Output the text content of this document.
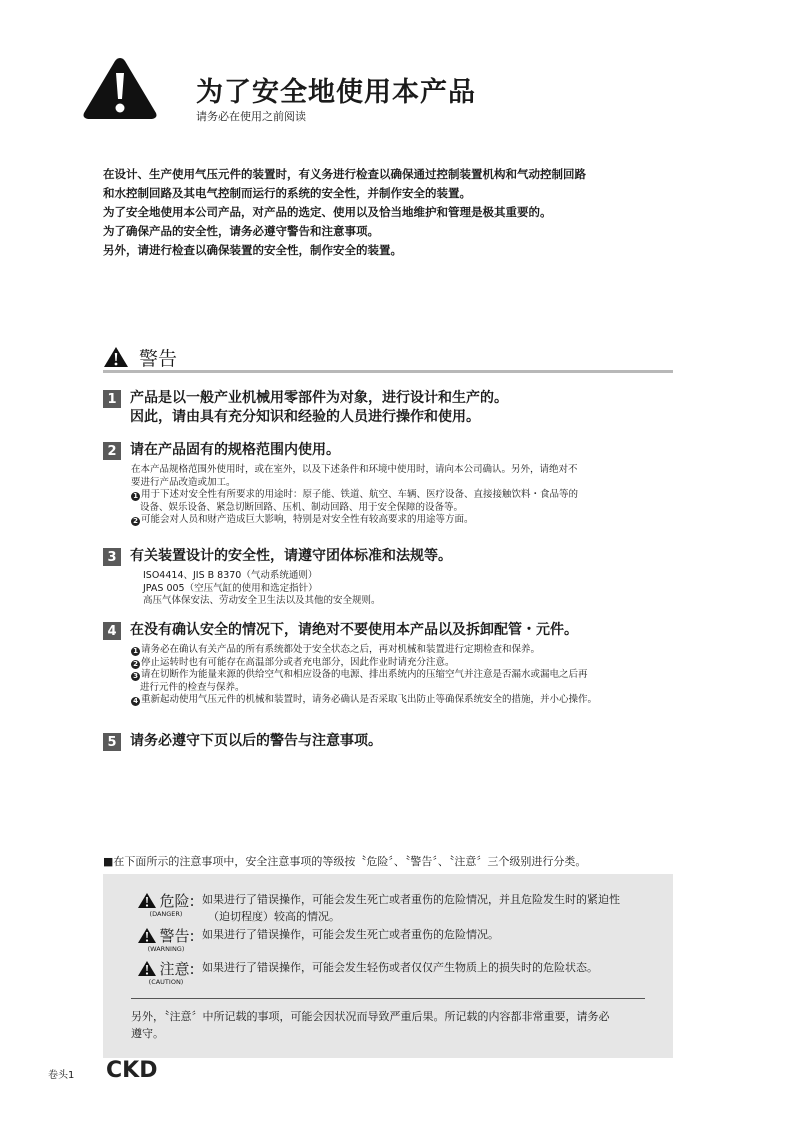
为了安全地使用本产品
请务必在使用之前阅读

在设计、生产使用气压元件的装置时，有义务进行检查以确保通过控制装置机构和气动控制回路

和水控制回路及其电气控制而运行的系统的安全性，并制作安全的装置。

为了安全地使用本公司产品，对产品的选定、使用以及恰当地维护和管理是极其重要的。

为了确保产品的安全性，请务必遵守警告和注意事项。

另外，请进行检查以确保装置的安全性，制作安全的装置。

警告
1 产品是以一般产业机械用零部件为对象，进行设计和生产的。
因此，请由具有充分知识和经验的人员进行操作和使用。
2 请在产品固有的规格范围内使用。
在本产品规格范围外使用时，或在室外，以及下述条件和环境中使用时，请向本公司确认。另外，请绝对不
要进行产品改造或加工。
1 用于下述对安全性有所要求的用途时：原子能、铁道、航空、车辆、医疗设备、直接接触饮料・食品等的
设备、娱乐设备、紧急切断回路、压机、制动回路、用于安全保障的设备等。
2 可能会对人员和财产造成巨大影响，特别是对安全性有较高要求的用途等方面。
3 有关装置设计的安全性，请遵守团体标准和法规等。
ISO4414、JIS B 8370（气动系统通则）
JPAS 005（空压气缸的使用和选定指针）
高压气体保安法、劳动安全卫生法以及其他的安全规则。
4 在没有确认安全的情况下，请绝对不要使用本产品以及拆卸配管・元件。
1 请务必在确认有关产品的所有系统都处于安全状态之后，再对机械和装置进行定期检查和保养。
2 停止运转时也有可能存在高温部分或者充电部分，因此作业时请充分注意。
3 请在切断作为能量来源的供给空气和相应设备的电源、排出系统内的压缩空气并注意是否漏水或漏电之后再
进行元件的检查与保养。
4 重新起动使用气压元件的机械和装置时，请务必确认是否采取飞出防止等确保系统安全的措施，并小心操作。
5 请务必遵守下页以后的警告与注意事项。
■在下面所示的注意事项中，安全注意事项的等级按〝危险〞、〝警告〞、〝注意〞三个级别进行分类。
危险:
(DANGER)
如果进行了错误操作，可能会发生死亡或者重伤的危险情况，并且危险发生时的紧迫性
（迫切程度）较高的情况。
警告:
(WARNING)
如果进行了错误操作，可能会发生死亡或者重伤的危险情况。
注意:
(CAUTION)
如果进行了错误操作，可能会发生轻伤或者仅仅产生物质上的损失时的危险状态。
另外，〝注意〞中所记载的事项，可能会因状况而导致严重后果。所记载的内容都非常重要，请务必
遵守。
卷头1 CKD
